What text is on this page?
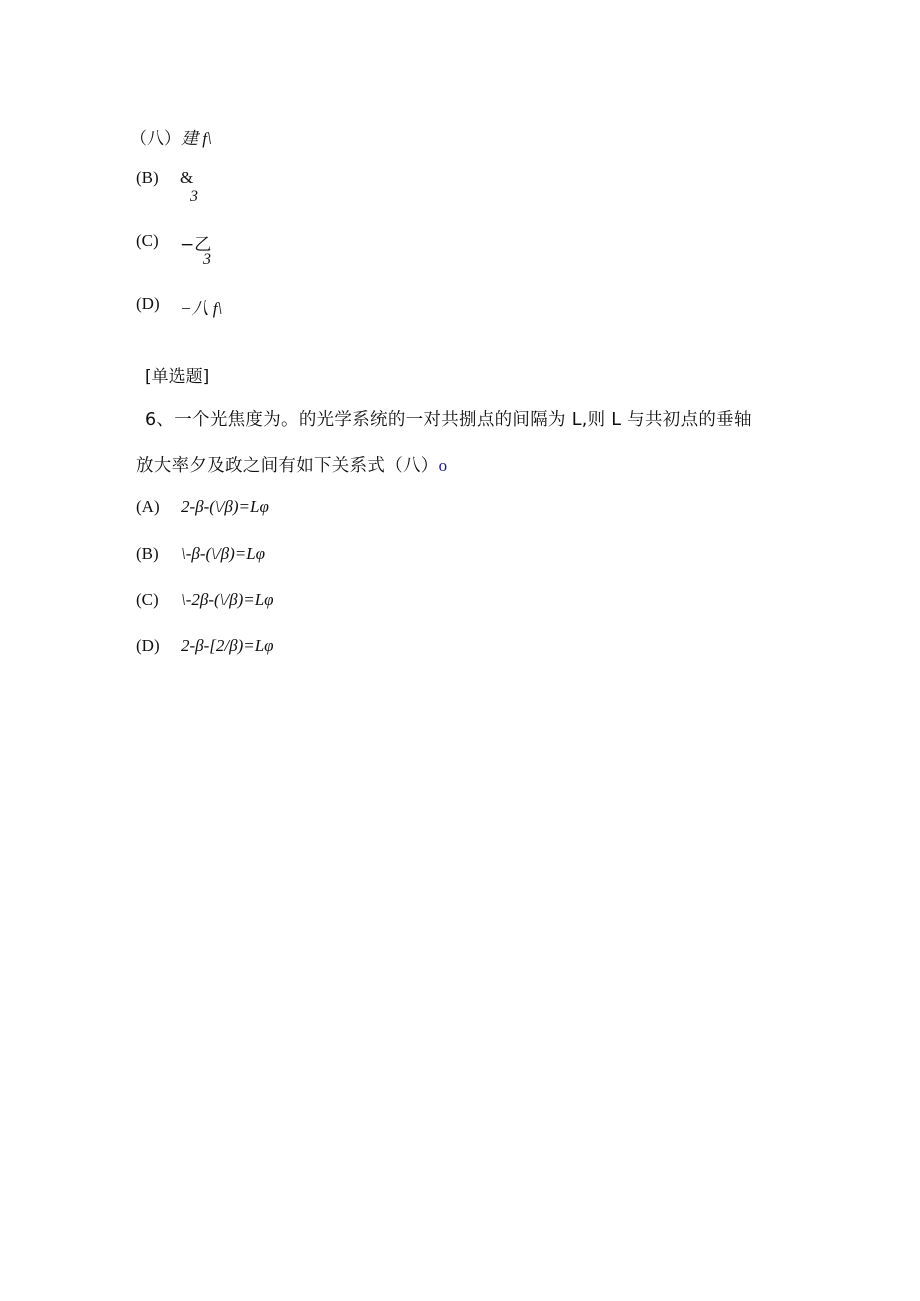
（八）建 f\
(B) &
3
(C) −乙
3
(D) −八 f\
[单选题]
6、一个光焦度为。的光学系统的一对共捌点的间隔为 L,则 L 与共初点的垂轴
放大率夕及政之间有如下关系式（八）o
(A) 2-β-(\/β)=Lφ
(B) \-β-(\/β)=Lφ
(C) \-2β-(\/β)=Lφ
(D) 2-β-[2/β)=Lφ
